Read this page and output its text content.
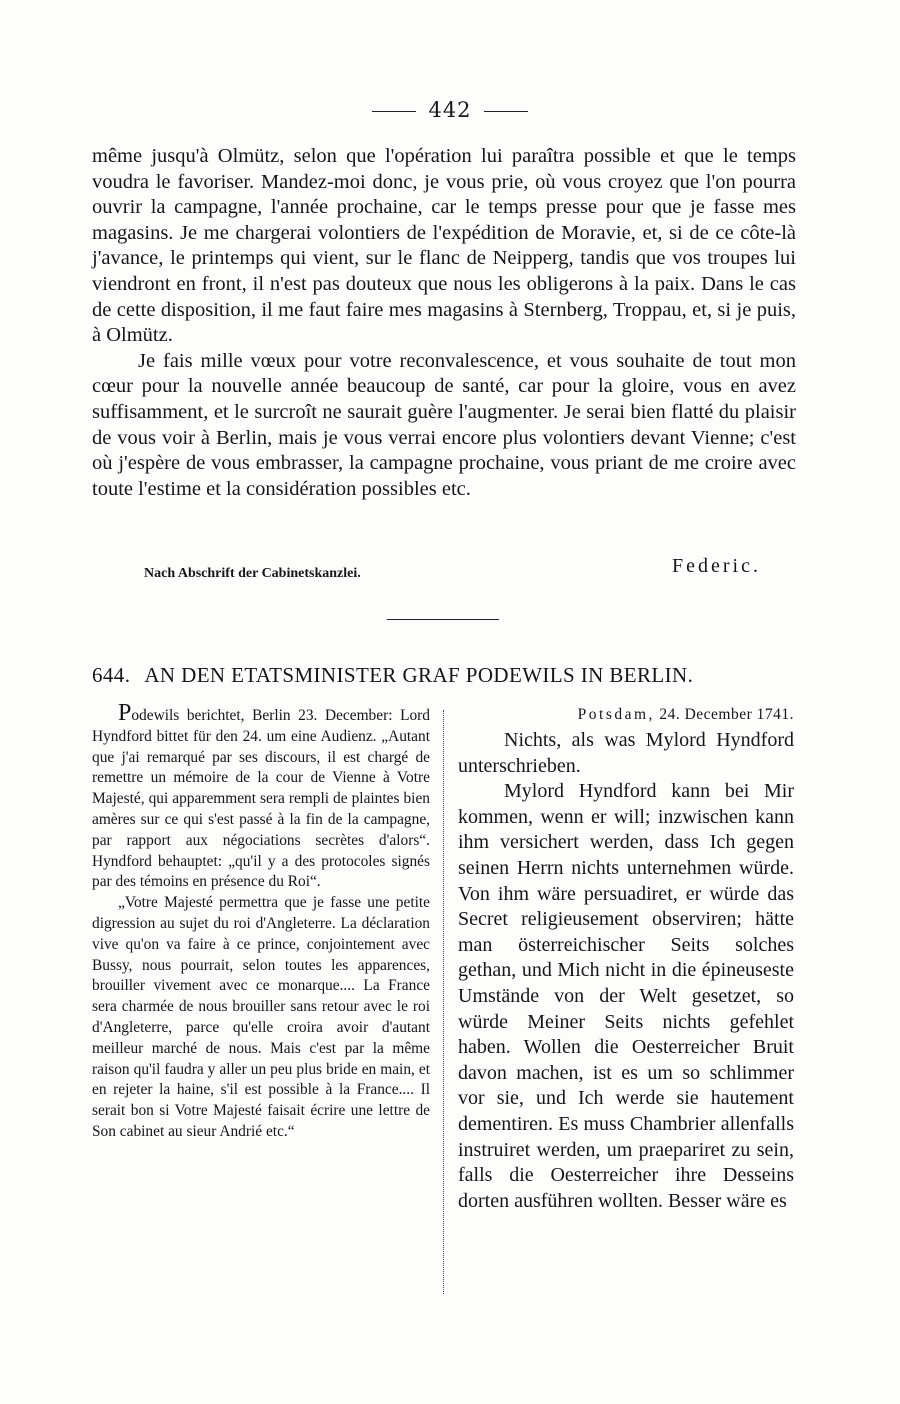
442

même jusqu'à Olmütz, selon que l'opération lui paraîtra possible et que le temps voudra le favoriser. Mandez-moi donc, je vous prie, où vous croyez que l'on pourra ouvrir la campagne, l'année prochaine, car le temps presse pour que je fasse mes magasins. Je me chargerai volontiers de l'expédition de Moravie, et, si de ce côte-là j'avance, le printemps qui vient, sur le flanc de Neipperg, tandis que vos troupes lui viendront en front, il n'est pas douteux que nous les obligerons à la paix. Dans le cas de cette disposition, il me faut faire mes magasins à Sternberg, Troppau, et, si je puis, à Olmütz.

Je fais mille vœux pour votre reconvalescence, et vous souhaite de tout mon cœur pour la nouvelle année beaucoup de santé, car pour la gloire, vous en avez suffisamment, et le surcroît ne saurait guère l'augmenter. Je serai bien flatté du plaisir de vous voir à Berlin, mais je vous verrai encore plus volontiers devant Vienne; c'est où j'espère de vous embrasser, la campagne prochaine, vous priant de me croire avec toute l'estime et la considération possibles etc.

Nach Abschrift der Cabinetskanzlei.	Federic.
644. AN DEN ETATSMINISTER GRAF PODEWILS IN BERLIN.

Podewils berichtet, Berlin 23. December: Lord Hyndford bittet für den 24. um eine Audienz. „Autant que j'ai remarqué par ses discours, il est chargé de remettre un mémoire de la cour de Vienne à Votre Majesté, qui apparemment sera rempli de plaintes bien amères sur ce qui s'est passé à la fin de la campagne, par rapport aux négociations secrètes d'alors“. Hyndford behauptet: „qu'il y a des protocoles signés par des témoins en présence du Roi“.

„Votre Majesté permettra que je fasse une petite digression au sujet du roi d'Angleterre. La déclaration vive qu'on va faire à ce prince, conjointement avec Bussy, nous pourrait, selon toutes les apparences, brouiller vivement avec ce monarque.... La France sera charmée de nous brouiller sans retour avec le roi d'Angleterre, parce qu'elle croira avoir d'autant meilleur marché de nous. Mais c'est par la même raison qu'il faudra y aller un peu plus bride en main, et en rejeter la haine, s'il est possible à la France.... Il serait bon si Votre Majesté faisait écrire une lettre de Son cabinet au sieur Andrié etc.“

Potsdam, 24. December 1741.

Nichts, als was Mylord Hyndford unterschrieben.

Mylord Hyndford kann bei Mir kommen, wenn er will; inzwischen kann ihm versichert werden, dass Ich gegen seinen Herrn nichts unternehmen würde. Von ihm wäre persuadiret, er würde das Secret religieusement observiren; hätte man österreichischer Seits solches gethan, und Mich nicht in die épineuseste Umstände von der Welt gesetzet, so würde Meiner Seits nichts gefehlet haben. Wollen die Oesterreicher Bruit davon machen, ist es um so schlimmer vor sie, und Ich werde sie hautement dementiren. Es muss Chambrier allenfalls instruiret werden, um praepariret zu sein, falls die Oesterreicher ihre Desseins dorten ausführen wollten. Besser wäre es
